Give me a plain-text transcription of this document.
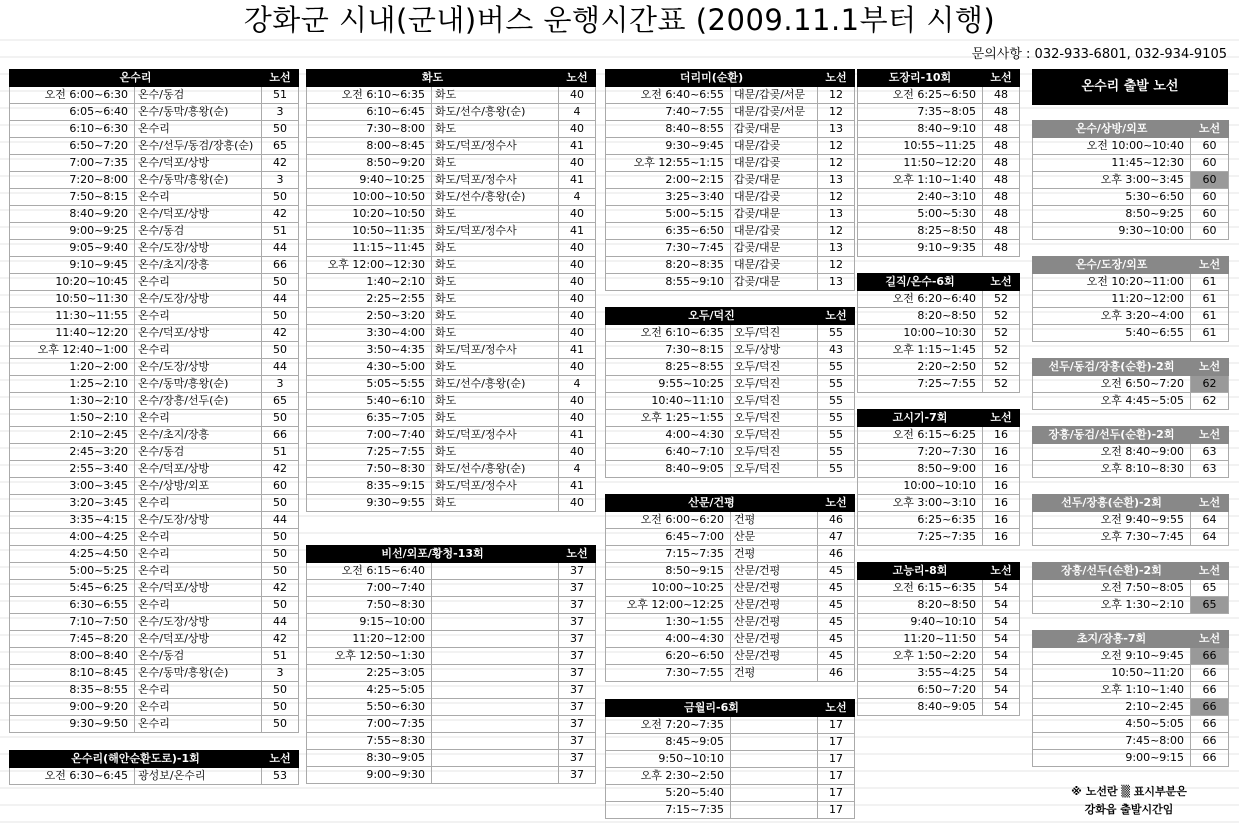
강화군 시내(군내)버스 운행시간표 (2009.11.1부터 시행)
문의사항 : 032-933-6801, 032-934-9105
온수리		노선
오전 6:00~6:30	온수/동검	51
6:05~6:40	온수/동막/흥왕(순)	3
6:10~6:30	온수리	50
6:50~7:20	온수/선두/동검/장흥(순)	65
7:00~7:35	온수/덕포/상방	42
7:20~8:00	온수/동막/흥왕(순)	3
7:50~8:15	온수리	50
8:40~9:20	온수/덕포/상방	42
9:00~9:25	온수/동검	51
9:05~9:40	온수/도장/상방	44
9:10~9:45	온수/초지/장흥	66
10:20~10:45	온수리	50
10:50~11:30	온수/도장/상방	44
11:30~11:55	온수리	50
11:40~12:20	온수/덕포/상방	42
오후 12:40~1:00	온수리	50
1:20~2:00	온수/도장/상방	44
1:25~2:10	온수/동막/흥왕(순)	3
1:30~2:10	온수/장흥/선두(순)	65
1:50~2:10	온수리	50
2:10~2:45	온수/초지/장흥	66
2:45~3:20	온수/동검	51
2:55~3:40	온수/덕포/상방	42
3:00~3:45	온수/상방/외포	60
3:20~3:45	온수리	50
3:35~4:15	온수/도장/상방	44
4:00~4:25	온수리	50
4:25~4:50	온수리	50
5:00~5:25	온수리	50
5:45~6:25	온수/덕포/상방	42
6:30~6:55	온수리	50
7:10~7:50	온수/도장/상방	44
7:45~8:20	온수/덕포/상방	42
8:00~8:40	온수/동검	51
8:10~8:45	온수/동막/흥왕(순)	3
8:35~8:55	온수리	50
9:00~9:20	온수리	50
9:30~9:50	온수리	50
온수리(해안순환도로)-1회		노선
오전 6:30~6:45	광성보/온수리	53
화도		노선
오전 6:10~6:35	화도	40
6:10~6:45	화도/선수/흥왕(순)	4
7:30~8:00	화도	40
8:00~8:45	화도/덕포/정수사	41
8:50~9:20	화도	40
9:40~10:25	화도/덕포/정수사	41
10:00~10:50	화도/선수/흥왕(순)	4
10:20~10:50	화도	40
10:50~11:35	화도/덕포/정수사	41
11:15~11:45	화도	40
오후 12:00~12:30	화도	40
1:40~2:10	화도	40
2:25~2:55	화도	40
2:50~3:20	화도	40
3:30~4:00	화도	40
3:50~4:35	화도/덕포/정수사	41
4:30~5:00	화도	40
5:05~5:55	화도/선수/흥왕(순)	4
5:40~6:10	화도	40
6:35~7:05	화도	40
7:00~7:40	화도/덕포/정수사	41
7:25~7:55	화도	40
7:50~8:30	화도/선수/흥왕(순)	4
8:35~9:15	화도/덕포/정수사	41
9:30~9:55	화도	40
비선/외포/황청-13회		노선
오전 6:15~6:40		37
7:00~7:40		37
7:50~8:30		37
9:15~10:00		37
11:20~12:00		37
오후 12:50~1:30		37
2:25~3:05		37
4:25~5:05		37
5:50~6:30		37
7:00~7:35		37
7:55~8:30		37
8:30~9:05		37
9:00~9:30		37
더리미(순환)		노선
오전 6:40~6:55	대문/갑곶/서문	12
7:40~7:55	대문/갑곶/서문	12
8:40~8:55	갑곶/대문	13
9:30~9:45	대문/갑곶	12
오후 12:55~1:15	대문/갑곶	12
2:00~2:15	갑곶/대문	13
3:25~3:40	대문/갑곶	12
5:00~5:15	갑곶/대문	13
6:35~6:50	대문/갑곶	12
7:30~7:45	갑곶/대문	13
8:20~8:35	대문/갑곶	12
8:55~9:10	갑곶/대문	13
오두/덕진		노선
오전 6:10~6:35	오두/덕진	55
7:30~8:15	오두/상방	43
8:25~8:55	오두/덕진	55
9:55~10:25	오두/덕진	55
10:40~11:10	오두/덕진	55
오후 1:25~1:55	오두/덕진	55
4:00~4:30	오두/덕진	55
6:40~7:10	오두/덕진	55
8:40~9:05	오두/덕진	55
산문/건평		노선
오전 6:00~6:20	건평	46
6:45~7:00	산문	47
7:15~7:35	건평	46
8:50~9:15	산문/건평	45
10:00~10:25	산문/건평	45
오후 12:00~12:25	산문/건평	45
1:30~1:55	산문/건평	45
4:00~4:30	산문/건평	45
6:20~6:50	산문/건평	45
7:30~7:55	건평	46
금월리-6회		노선
오전 7:20~7:35		17
8:45~9:05		17
9:50~10:10		17
오후 2:30~2:50		17
5:20~5:40		17
7:15~7:35		17
도장리-10회	노선
오전 6:25~6:50	48
7:35~8:05	48
8:40~9:10	48
10:55~11:25	48
11:50~12:20	48
오후 1:10~1:40	48
2:40~3:10	48
5:00~5:30	48
8:25~8:50	48
9:10~9:35	48
길직/온수-6회	노선
오전 6:20~6:40	52
8:20~8:50	52
10:00~10:30	52
오후 1:15~1:45	52
2:20~2:50	52
7:25~7:55	52
고시기-7회	노선
오전 6:15~6:25	16
7:20~7:30	16
8:50~9:00	16
10:00~10:10	16
오후 3:00~3:10	16
6:25~6:35	16
7:25~7:35	16
고능리-8회	노선
오전 6:15~6:35	54
8:20~8:50	54
9:40~10:10	54
11:20~11:50	54
오후 1:50~2:20	54
3:55~4:25	54
6:50~7:20	54
8:40~9:05	54
온수/상방/외포	노선
오전 10:00~10:40	60
11:45~12:30	60
오후 3:00~3:45	60
5:30~6:50	60
8:50~9:25	60
9:30~10:00	60
온수/도장/외포	노선
오전 10:20~11:00	61
11:20~12:00	61
오후 3:20~4:00	61
5:40~6:55	61
선두/동검/장흥(순환)-2회	노선
오전 6:50~7:20	62
오후 4:45~5:05	62
장흥/동검/선두(순환)-2회	노선
오전 8:40~9:00	63
오후 8:10~8:30	63
선두/장흥(순환)-2회	노선
오전 9:40~9:55	64
오후 7:30~7:45	64
장흥/선두(순환)-2회	노선
오전 7:50~8:05	65
오후 1:30~2:10	65
초지/장흥-7회	노선
오전 9:10~9:45	66
10:50~11:20	66
오후 1:10~1:40	66
2:10~2:45	66
4:50~5:05	66
7:45~8:00	66
9:00~9:15	66
온수리 출발 노선
※ 노선란 ▒ 표시부분은
강화읍 출발시간임
